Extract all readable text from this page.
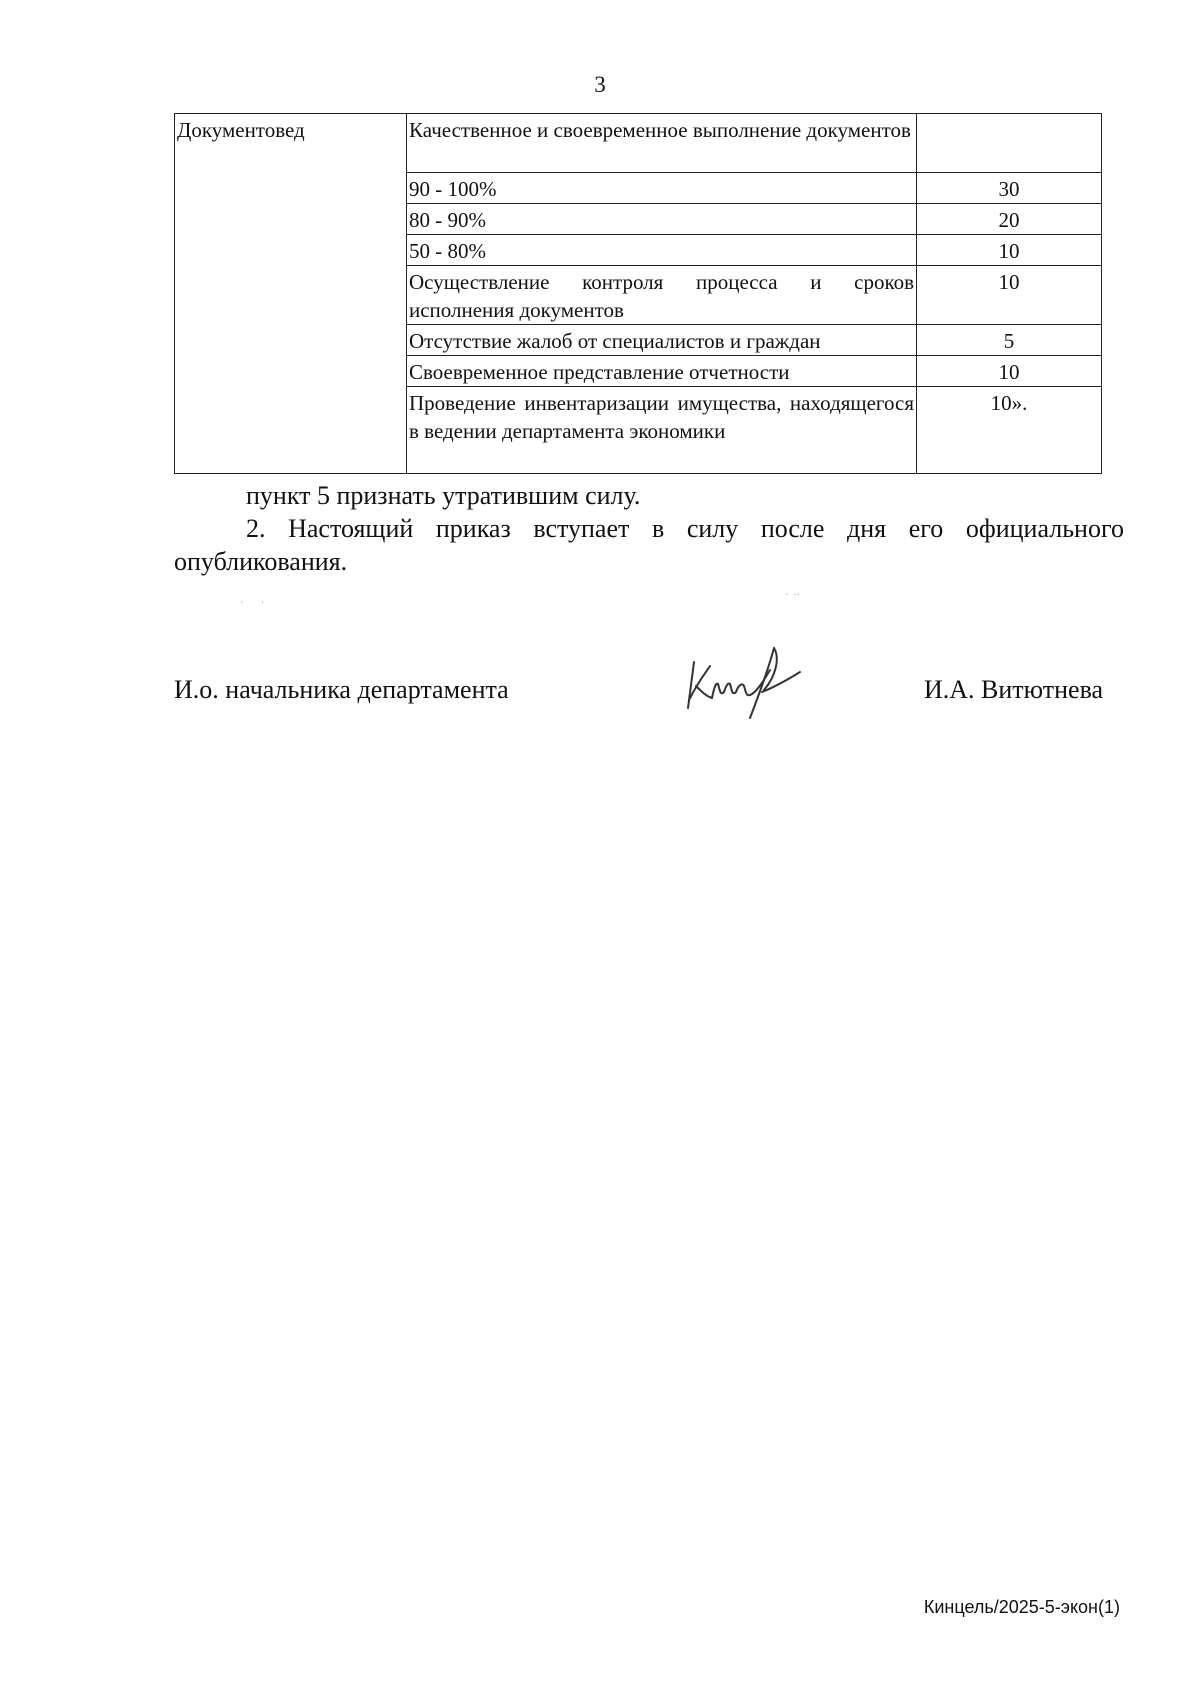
3
Документовед	Качественное и своевременное выполнение документов	
	90 - 100%	30
	80 - 90%	20
	50 - 80%	10
	Осуществление контроля процесса и сроков исполнения документов	10
	Отсутствие жалоб от специалистов и граждан	5
	Своевременное представление отчетности	10
	Проведение инвентаризации имущества, находящегося в ведении департамента экономики	10».
пункт 5 признать утратившим силу.
2. Настоящий приказ вступает в силу после дня его официального опубликования.
·       ·
·  ··
И.о. начальника департамента	И.А. Витютнева
Кинцель/2025-5-экон(1)
